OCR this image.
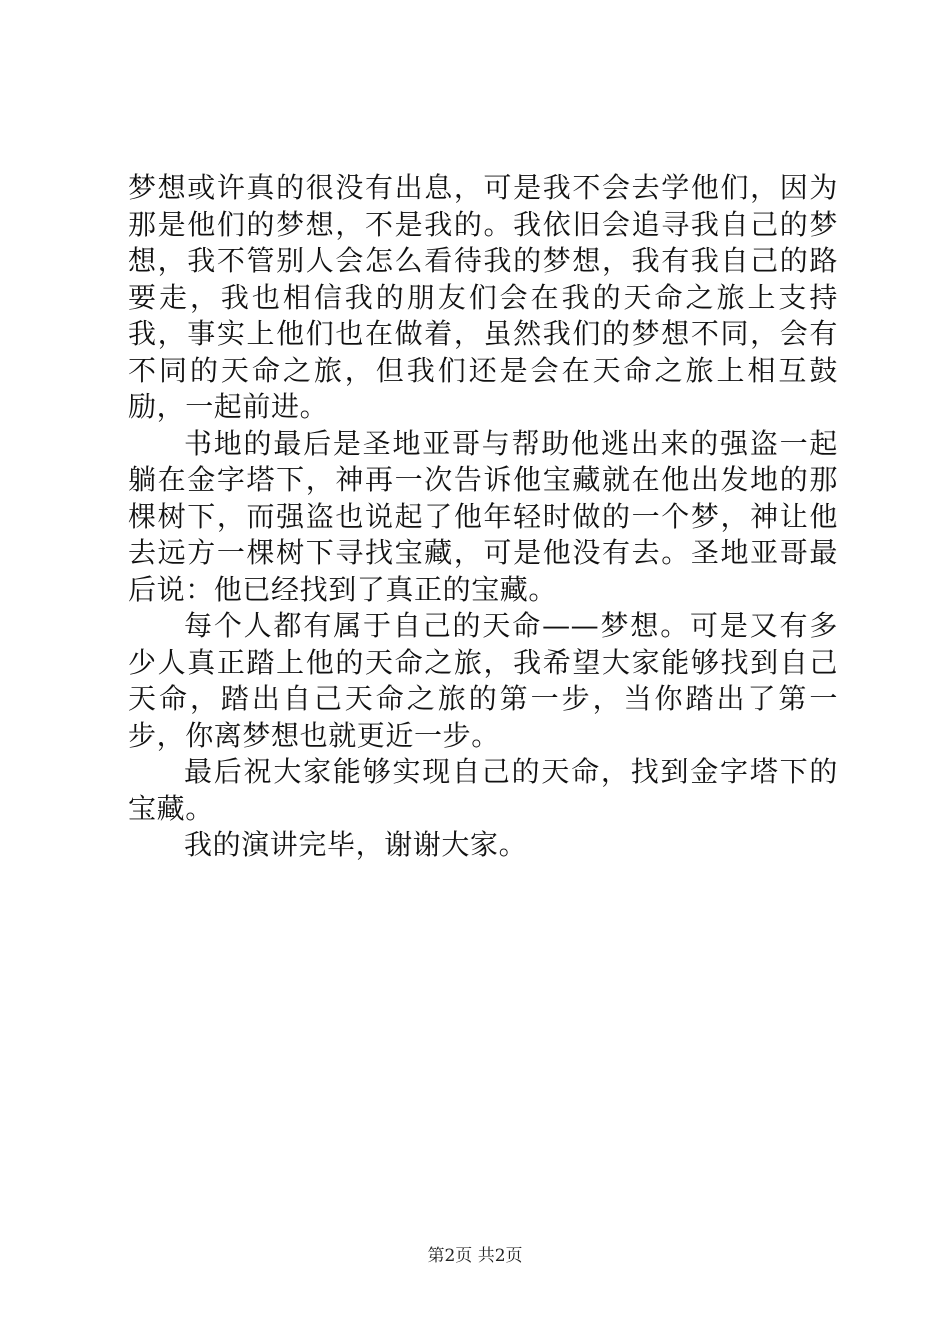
梦想或许真的很没有出息，可是我不会去学他们，因为那是他们的梦想，不是我的。我依旧会追寻我自己的梦想，我不管别人会怎么看待我的梦想，我有我自己的路要走，我也相信我的朋友们会在我的天命之旅上支持我，事实上他们也在做着，虽然我们的梦想不同，会有不同的天命之旅，但我们还是会在天命之旅上相互鼓励，一起前进。

书地的最后是圣地亚哥与帮助他逃出来的强盗一起躺在金字塔下，神再一次告诉他宝藏就在他出发地的那棵树下，而强盗也说起了他年轻时做的一个梦，神让他去远方一棵树下寻找宝藏，可是他没有去。圣地亚哥最后说：他已经找到了真正的宝藏。

每个人都有属于自己的天命——梦想。可是又有多少人真正踏上他的天命之旅，我希望大家能够找到自己天命，踏出自己天命之旅的第一步，当你踏出了第一步，你离梦想也就更近一步。

最后祝大家能够实现自己的天命，找到金字塔下的宝藏。

我的演讲完毕，谢谢大家。

第2页 共2页
